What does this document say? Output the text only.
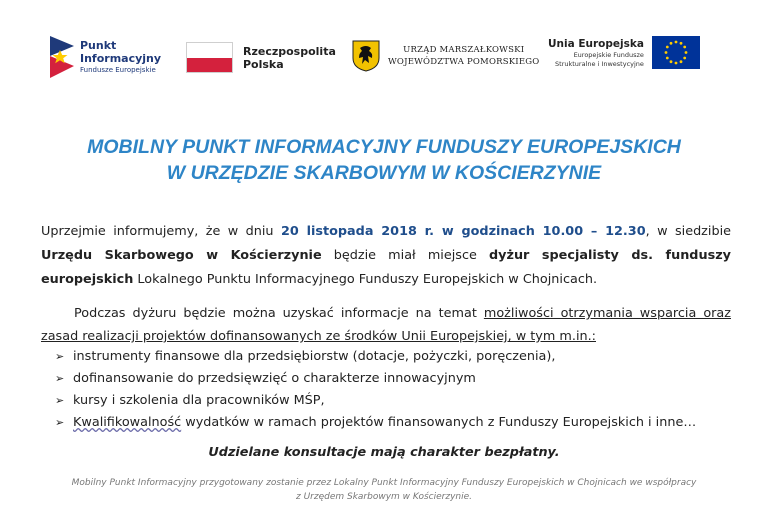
Punkt
Informacyjny
Fundusze Europejskie
Rzeczpospolita
Polska
URZĄD MARSZAŁKOWSKI
WOJEWÓDZTWA POMORSKIEGO
Unia Europejska
Europejskie Fundusze
Strukturalne i Inwestycyjne
MOBILNY PUNKT INFORMACYJNY FUNDUSZY EUROPEJSKICH
W URZĘDZIE SKARBOWYM W KOŚCIERZYNIE
Uprzejmie informujemy, że w dniu 20 listopada 2018 r. w godzinach 10.00 – 12.30, w siedzibie Urzędu Skarbowego w Kościerzynie będzie miał miejsce dyżur specjalisty ds. funduszy europejskich Lokalnego Punktu Informacyjnego Funduszy Europejskich w Chojnicach.
Podczas dyżuru będzie można uzyskać informacje na temat możliwości otrzymania wsparcia oraz zasad realizacji projektów dofinansowanych ze środków Unii Europejskiej, w tym m.in.:
➢ instrumenty finansowe dla przedsiębiorstw (dotacje, pożyczki, poręczenia),
➢ dofinansowanie do przedsięwzięć o charakterze innowacyjnym
➢ kursy i szkolenia dla pracowników MŚP,
➢ Kwalifikowalność wydatków w ramach projektów finansowanych z Funduszy Europejskich i inne…
Udzielane konsultacje mają charakter bezpłatny.
Mobilny Punkt Informacyjny przygotowany zostanie przez Lokalny Punkt Informacyjny Funduszy Europejskich w Chojnicach we współpracy
z Urzędem Skarbowym w Kościerzynie.
